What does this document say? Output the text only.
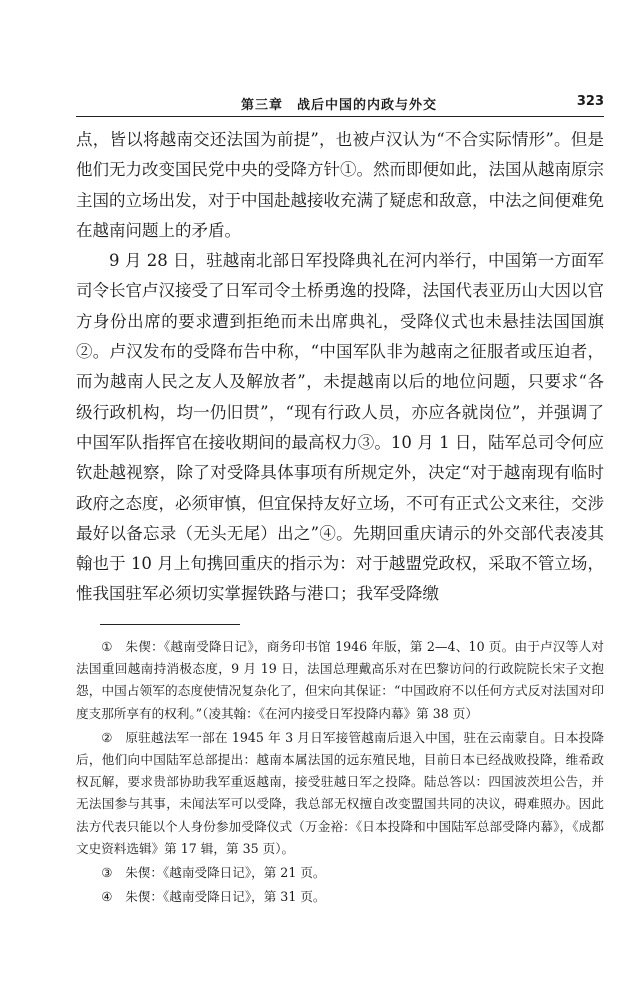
第三章　战后中国的内政与外交	323

点，皆以将越南交还法国为前提”，也被卢汉认为“不合实际情形”。但是他们无力改变国民党中央的受降方针①。然而即便如此，法国从越南原宗主国的立场出发，对于中国赴越接收充满了疑虑和敌意，中法之间便难免在越南问题上的矛盾。

9 月 28 日，驻越南北部日军投降典礼在河内举行，中国第一方面军司令长官卢汉接受了日军司令土桥勇逸的投降，法国代表亚历山大因以官方身份出席的要求遭到拒绝而未出席典礼，受降仪式也未悬挂法国国旗②。卢汉发布的受降布告中称，“中国军队非为越南之征服者或压迫者，而为越南人民之友人及解放者”，未提越南以后的地位问题，只要求“各级行政机构，均一仍旧贯”，“现有行政人员，亦应各就岗位”，并强调了中国军队指挥官在接收期间的最高权力③。10 月 1 日，陆军总司令何应钦赴越视察，除了对受降具体事项有所规定外，决定“对于越南现有临时政府之态度，必须审慎，但宜保持友好立场，不可有正式公文来往，交涉最好以备忘录（无头无尾）出之”④。先期回重庆请示的外交部代表凌其翰也于 10 月上旬携回重庆的指示为：对于越盟党政权，采取不管立场，惟我国驻军必须切实掌握铁路与港口；我军受降缴

① 朱偰：《越南受降日记》，商务印书馆 1946 年版，第 2—4、10 页。由于卢汉等人对法国重回越南持消极态度，9 月 19 日，法国总理戴高乐对在巴黎访问的行政院院长宋子文抱怨，中国占领军的态度使情况复杂化了，但宋向其保证：“中国政府不以任何方式反对法国对印度支那所享有的权利。”（凌其翰：《在河内接受日军投降内幕》第 38 页）

② 原驻越法军一部在 1945 年 3 月日军接管越南后退入中国，驻在云南蒙自。日本投降后，他们向中国陆军总部提出：越南本属法国的远东殖民地，目前日本已经战败投降，维希政权瓦解，要求贵部协助我军重返越南，接受驻越日军之投降。陆总答以：四国波茨坦公告，并无法国参与其事，未闻法军可以受降，我总部无权擅自改变盟国共同的决议，碍难照办。因此法方代表只能以个人身份参加受降仪式（万金裕：《日本投降和中国陆军总部受降内幕》，《成都文史资料选辑》第 17 辑，第 35 页）。

③ 朱偰：《越南受降日记》，第 21 页。

④ 朱偰：《越南受降日记》，第 31 页。
